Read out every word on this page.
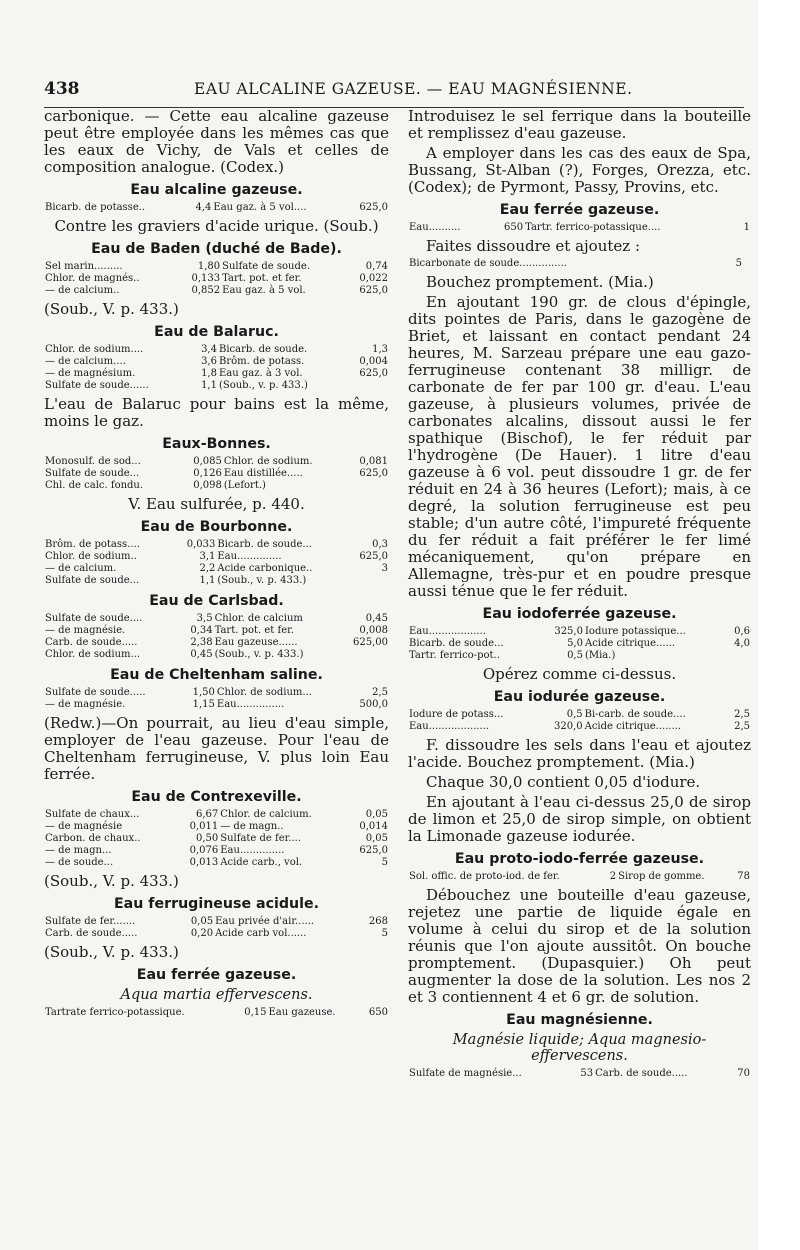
438	EAU ALCALINE GAZEUSE. — EAU MAGNÉSIENNE.

carbonique. — Cette eau alcaline gazeuse peut être employée dans les mêmes cas que les eaux de Vichy, de Vals et celles de composition analogue. (Codex.)

Eau alcaline gazeuse.
Bicarb. de potasse..	4,4	Eau gaz. à 5 vol....	625,0

Contre les graviers d'acide urique. (Soub.)

Eau de Baden (duché de Bade).
Sel marin.........	1,80	Sulfate de soude.	0,74
Chlor. de magnés..	0,133	Tart. pot. et fer.	0,022
— de calcium..	0,852	Eau gaz. à 5 vol.	625,0

(Soub., V. p. 433.)

Eau de Balaruc.
Chlor. de sodium....	3,4	Bicarb. de soude.	1,3
— de calcium....	3,6	Brôm. de potass.	0,004
— de magnésium.	1,8	Eau gaz. à 3 vol.	625,0
Sulfate de soude......	1,1	(Soub., v. p. 433.)	

L'eau de Balaruc pour bains est la même, moins le gaz.

Eaux-Bonnes.
Monosulf. de sod...	0,085	Chlor. de sodium.	0,081
Sulfate de soude...	0,126	Eau distillée.....	625,0
Chl. de calc. fondu.	0,098	(Lefort.)	

V. Eau sulfurée, p. 440.

Eau de Bourbonne.
Brôm. de potass....	0,033	Bicarb. de soude...	0,3
Chlor. de sodium..	3,1	Eau..............	625,0
— de calcium.	2,2	Acide carbonique..	3
Sulfate de soude...	1,1	(Soub., v. p. 433.)	
Eau de Carlsbad.
Sulfate de soude....	3,5	Chlor. de calcium	0,45
— de magnésie.	0,34	Tart. pot. et fer.	0,008
Carb. de soude.....	2,38	Eau gazeuse......	625,00
Chlor. de sodium...	0,45	(Soub., v. p. 433.)	
Eau de Cheltenham saline.
Sulfate de soude.....	1,50	Chlor. de sodium...	2,5
— de magnésie.	1,15	Eau...............	500,0

(Redw.)—On pourrait, au lieu d'eau simple, employer de l'eau gazeuse. Pour l'eau de Cheltenham ferrugineuse, V. plus loin Eau ferrée.

Eau de Contrexeville.
Sulfate de chaux...	6,67	Chlor. de calcium.	0,05
— de magnésie	0,011	— de magn..	0,014
Carbon. de chaux..	0,50	Sulfate de fer....	0,05
— de magn...	0,076	Eau..............	625,0
— de soude...	0,013	Acide carb., vol.	5

(Soub., V. p. 433.)

Eau ferrugineuse acidule.
Sulfate de fer.......	0,05	Eau privée d'air......	268
Carb. de soude.....	0,20	Acide carb vol......	5

(Soub., V. p. 433.)

Eau ferrée gazeuse.
Aqua martia effervescens.
Tartrate ferrico-potassique.	0,15	Eau gazeuse.	650

Introduisez le sel ferrique dans la bouteille et remplissez d'eau gazeuse.

A employer dans les cas des eaux de Spa, Bussang, St-Alban (?), Forges, Orezza, etc. (Codex); de Pyrmont, Passy, Provins, etc.

Eau ferrée gazeuse.
Eau..........	650	Tartr. ferrico-potassique....	1

Faites dissoudre et ajoutez :

Bicarbonate de soude...............	5		

Bouchez promptement. (Mia.)

En ajoutant 190 gr. de clous d'épingle, dits pointes de Paris, dans le gazogène de Briet, et laissant en contact pendant 24 heures, M. Sarzeau prépare une eau gazo-ferrugineuse contenant 38 milligr. de carbonate de fer par 100 gr. d'eau. L'eau gazeuse, à plusieurs volumes, privée de carbonates alcalins, dissout aussi le fer spathique (Bischof), le fer réduit par l'hydrogène (De Hauer). 1 litre d'eau gazeuse à 6 vol. peut dissoudre 1 gr. de fer réduit en 24 à 36 heures (Lefort); mais, à ce degré, la solution ferrugineuse est peu stable; d'un autre côté, l'impureté fréquente du fer réduit a fait préférer le fer limé mécaniquement, qu'on prépare en Allemagne, très-pur et en poudre presque aussi ténue que le fer réduit.

Eau iodoferrée gazeuse.
Eau..................	325,0	Iodure potassique...	0,6
Bicarb. de soude...	5,0	Acide citrique......	4,0
Tartr. ferrico-pot..	0,5	(Mia.)	

Opérez comme ci-dessus.

Eau iodurée gazeuse.
Iodure de potass...	0,5	Bi-carb. de soude....	2,5
Eau...................	320,0	Acide citrique........	2,5

F. dissoudre les sels dans l'eau et ajoutez l'acide. Bouchez promptement. (Mia.)

Chaque 30,0 contient 0,05 d'iodure.

En ajoutant à l'eau ci-dessus 25,0 de sirop de limon et 25,0 de sirop simple, on obtient la Limonade gazeuse iodurée.

Eau proto-iodo-ferrée gazeuse.
Sol. offic. de proto-iod. de fer.	2	Sirop de gomme.	78

Débouchez une bouteille d'eau gazeuse, rejetez une partie de liquide égale en volume à celui du sirop et de la solution réunis que l'on ajoute aussitôt. On bouche promptement. (Dupasquier.) Oh peut augmenter la dose de la solution. Les nos 2 et 3 contiennent 4 et 6 gr. de solution.

Eau magnésienne.
Magnésie liquide; Aqua magnesio-effervescens.
Sulfate de magnésie...	53	Carb. de soude.....	70
